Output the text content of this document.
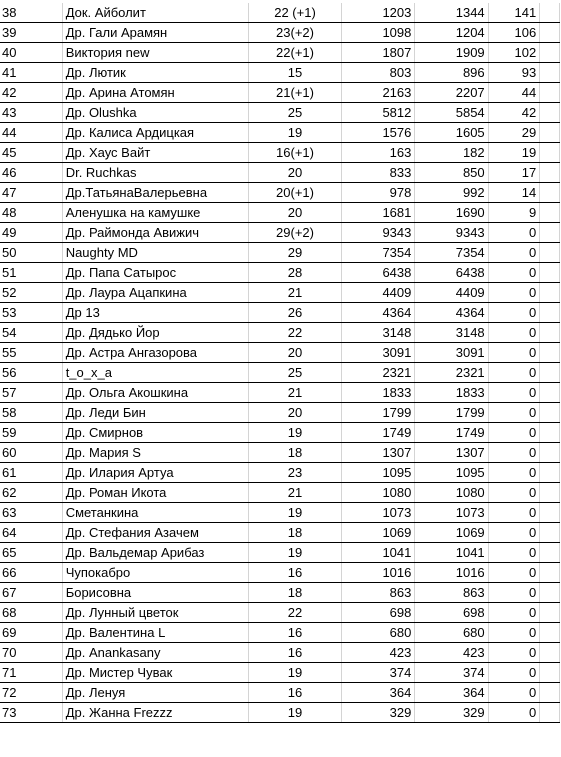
38	Док. Айболит	22 (+1)	1203	1344	141	
39	Др. Гали Арамян	23(+2)	1098	1204	106	
40	Виктория new	22(+1)	1807	1909	102	
41	Др. Лютик	15	803	896	93	
42	Др. Арина Атомян	21(+1)	2163	2207	44	
43	Др. Olushka	25	5812	5854	42	
44	Др. Калиса Ардицкая	19	1576	1605	29	
45	Др. Хаус Вайт	16(+1)	163	182	19	
46	Dr. Ruchkas	20	833	850	17	
47	Др.ТатьянаВалерьевна	20(+1)	978	992	14	
48	Аленушка на камушке	20	1681	1690	9	
49	Др. Раймонда Авижич	29(+2)	9343	9343	0	
50	Naughty MD	29	7354	7354	0	
51	Др. Папа Сатырос	28	6438	6438	0	
52	Др. Лаура Ацапкина	21	4409	4409	0	
53	Др 13	26	4364	4364	0	
54	Др. Дядько Йор	22	3148	3148	0	
55	Др. Астра Ангазорова	20	3091	3091	0	
56	t_o_x_a	25	2321	2321	0	
57	Др. Ольга Акошкина	21	1833	1833	0	
58	Др. Леди Бин	20	1799	1799	0	
59	Др. Смирнов	19	1749	1749	0	
60	Др. Мария S	18	1307	1307	0	
61	Др. Илария Артуа	23	1095	1095	0	
62	Др. Роман Икота	21	1080	1080	0	
63	Сметанкина	19	1073	1073	0	
64	Др. Стефания Азачем	18	1069	1069	0	
65	Др. Вальдемар Арибаз	19	1041	1041	0	
66	Чупокабро	16	1016	1016	0	
67	Борисовна	18	863	863	0	
68	Др. Лунный цветок	22	698	698	0	
69	Др. Валентина L	16	680	680	0	
70	Др. Anankasany	16	423	423	0	
71	Др. Мистер Чувак	19	374	374	0	
72	Др. Ленуя	16	364	364	0	
73	Др. Жанна Frezzz	19	329	329	0	
